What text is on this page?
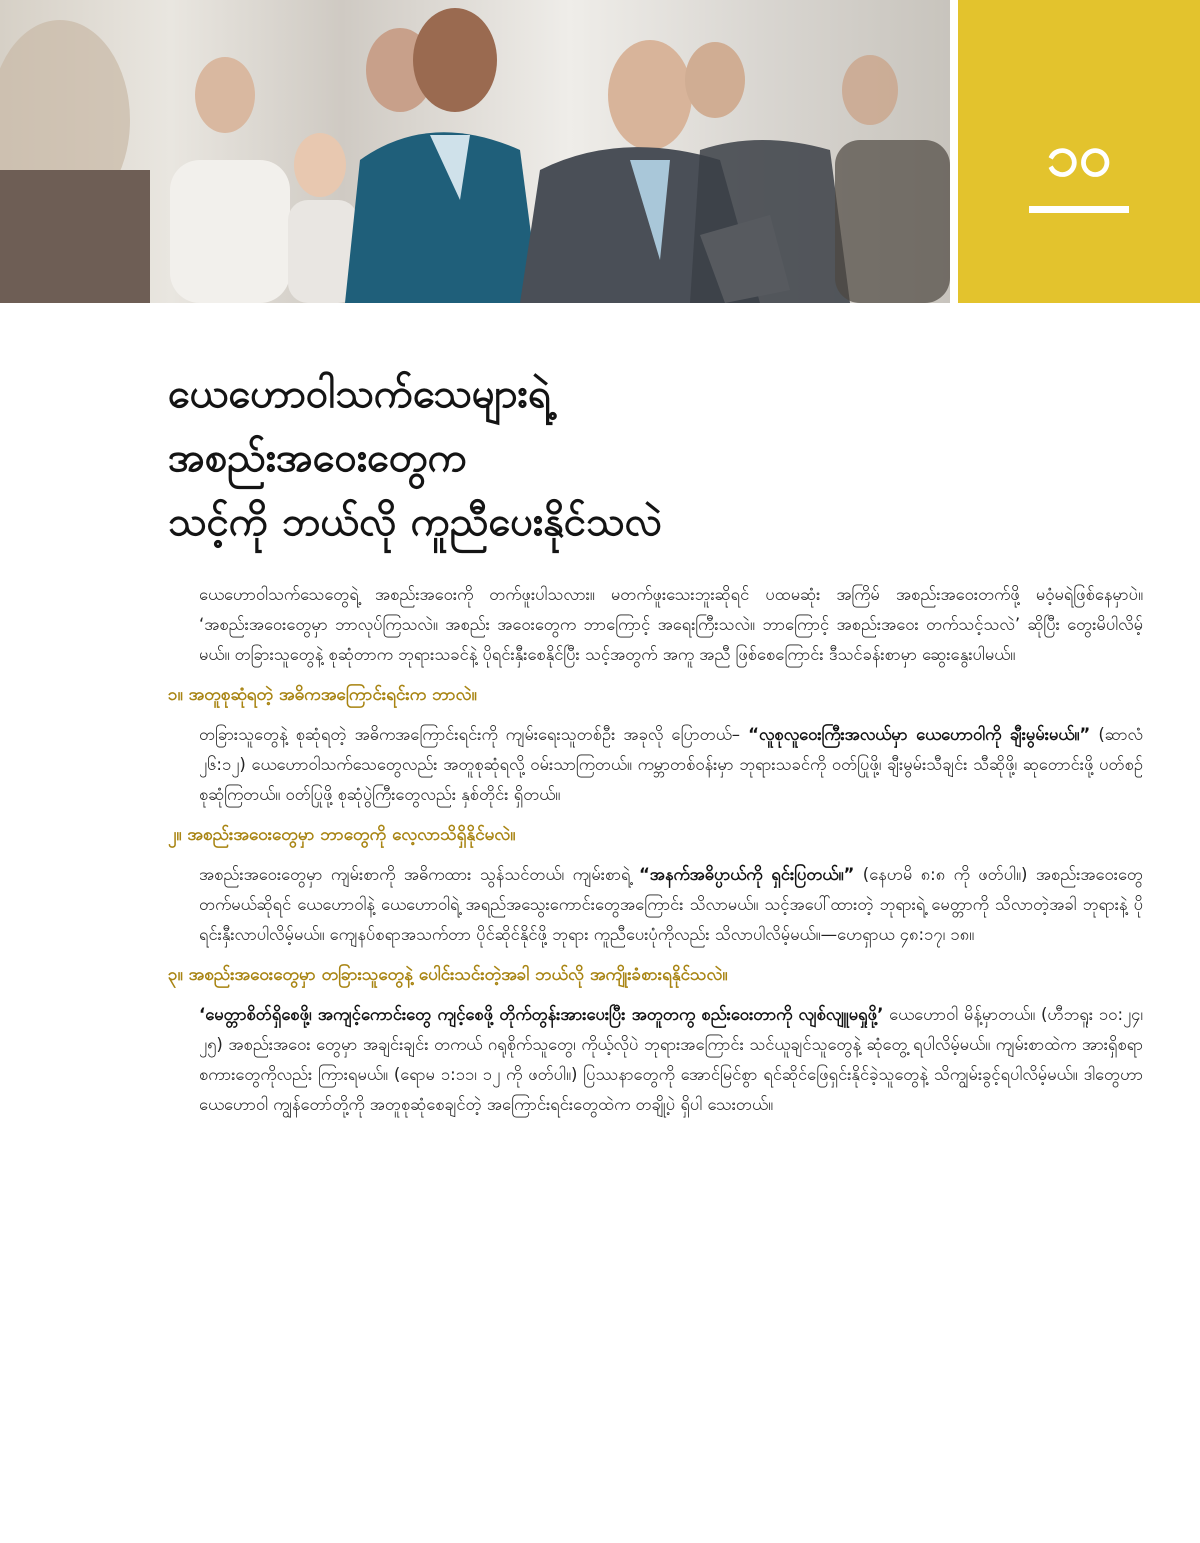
၁၀
ယေဟောဝါသက်သေများရဲ့
အစည်းအဝေးတွေက
သင့်ကို ဘယ်လို ကူညီပေးနိုင်သလဲ

ယေဟောဝါသက်သေတွေရဲ့ အစည်းအဝေးကို တက်ဖူးပါသလား။ မတက်ဖူးသေးဘူးဆိုရင် ပထမဆုံး အကြိမ် အစည်းအဝေးတက်ဖို့ မဝံ့မရဲဖြစ်နေမှာပဲ။ ‘အစည်းအဝေးတွေမှာ ဘာလုပ်ကြသလဲ။ အစည်း အဝေးတွေက ဘာကြောင့် အရေးကြီးသလဲ။ ဘာကြောင့် အစည်းအဝေး တက်သင့်သလဲ’ ဆိုပြီး တွေးမိပါလိမ့်မယ်။ တခြားသူတွေနဲ့ စုဆုံတာက ဘုရားသခင်နဲ့ ပိုရင်းနှီးစေနိုင်ပြီး သင့်အတွက် အကူ အညီ ဖြစ်စေကြောင်း ဒီသင်ခန်းစာမှာ ဆွေးနွေးပါမယ်။

၁။ အတူစုဆုံရတဲ့ အဓိကအကြောင်းရင်းက ဘာလဲ။

တခြားသူတွေနဲ့ စုဆုံရတဲ့ အဓိကအကြောင်းရင်းကို ကျမ်းရေးသူတစ်ဦး အခုလို ပြောတယ်– “လူစုလူဝေးကြီးအလယ်မှာ ယေဟောဝါကို ချီးမွမ်းမယ်။” (ဆာလံ ၂၆:၁၂) ယေဟောဝါသက်သေတွေလည်း အတူစုဆုံရလို့ ဝမ်းသာကြတယ်။ ကမ္ဘာတစ်ဝန်းမှာ ဘုရားသခင်ကို ဝတ်ပြုဖို့၊ ချီးမွမ်းသီချင်း သီဆိုဖို့၊ ဆုတောင်းဖို့ ပတ်စဉ် စုဆုံကြတယ်။ ဝတ်ပြုဖို့ စုဆုံပွဲကြီးတွေလည်း နှစ်တိုင်း ရှိတယ်။

၂။ အစည်းအဝေးတွေမှာ ဘာတွေကို လေ့လာသိရှိနိုင်မလဲ။

အစည်းအဝေးတွေမှာ ကျမ်းစာကို အဓိကထား သွန်သင်တယ်၊ ကျမ်းစာရဲ့ “အနက်အဓိပ္ပာယ်ကို ရှင်းပြတယ်။” (နေဟမိ ၈:၈ ကို ဖတ်ပါ။) အစည်းအဝေးတွေ တက်မယ်ဆိုရင် ယေဟောဝါနဲ့ ယေဟောဝါရဲ့ အရည်အသွေးကောင်းတွေအကြောင်း သိလာမယ်။ သင့်အပေါ်ထားတဲ့ ဘုရားရဲ့ မေတ္တာကို သိလာတဲ့အခါ ဘုရားနဲ့ ပိုရင်းနှီးလာပါလိမ့်မယ်။ ကျေနပ်စရာအသက်တာ ပိုင်ဆိုင်နိုင်ဖို့ ဘုရား ကူညီပေးပုံကိုလည်း သိလာပါလိမ့်မယ်။—ဟေရှာယ ၄၈:၁၇၊ ၁၈။

၃။ အစည်းအဝေးတွေမှာ တခြားသူတွေနဲ့ ပေါင်းသင်းတဲ့အခါ ဘယ်လို အကျိုးခံစားရနိုင်သလဲ။

‘မေတ္တာစိတ်ရှိစေဖို့၊ အကျင့်ကောင်းတွေ ကျင့်စေဖို့ တိုက်တွန်းအားပေးပြီး အတူတကွ စည်းဝေးတာကို လျစ်လျူမရှုဖို့’ ယေဟောဝါ မိန့်မှာတယ်။ (ဟီဘရူး ၁၀:၂၄၊ ၂၅) အစည်းအဝေး တွေမှာ အချင်းချင်း တကယ် ဂရုစိုက်သူတွေ၊ ကိုယ့်လိုပဲ ဘုရားအကြောင်း သင်ယူချင်သူတွေနဲ့ ဆုံတွေ့ ရပါလိမ့်မယ်။ ကျမ်းစာထဲက အားရှိစရာစကားတွေကိုလည်း ကြားရမယ်။ (ရောမ ၁:၁၁၊ ၁၂ ကို ဖတ်ပါ။) ပြဿနာတွေကို အောင်မြင်စွာ ရင်ဆိုင်ဖြေရှင်းနိုင်ခဲ့သူတွေနဲ့ သိကျွမ်းခွင့်ရပါလိမ့်မယ်။ ဒါတွေဟာ ယေဟောဝါ ကျွန်တော်တို့ကို အတူစုဆုံစေချင်တဲ့ အကြောင်းရင်းတွေထဲက တချို့ပဲ ရှိပါ သေးတယ်။
